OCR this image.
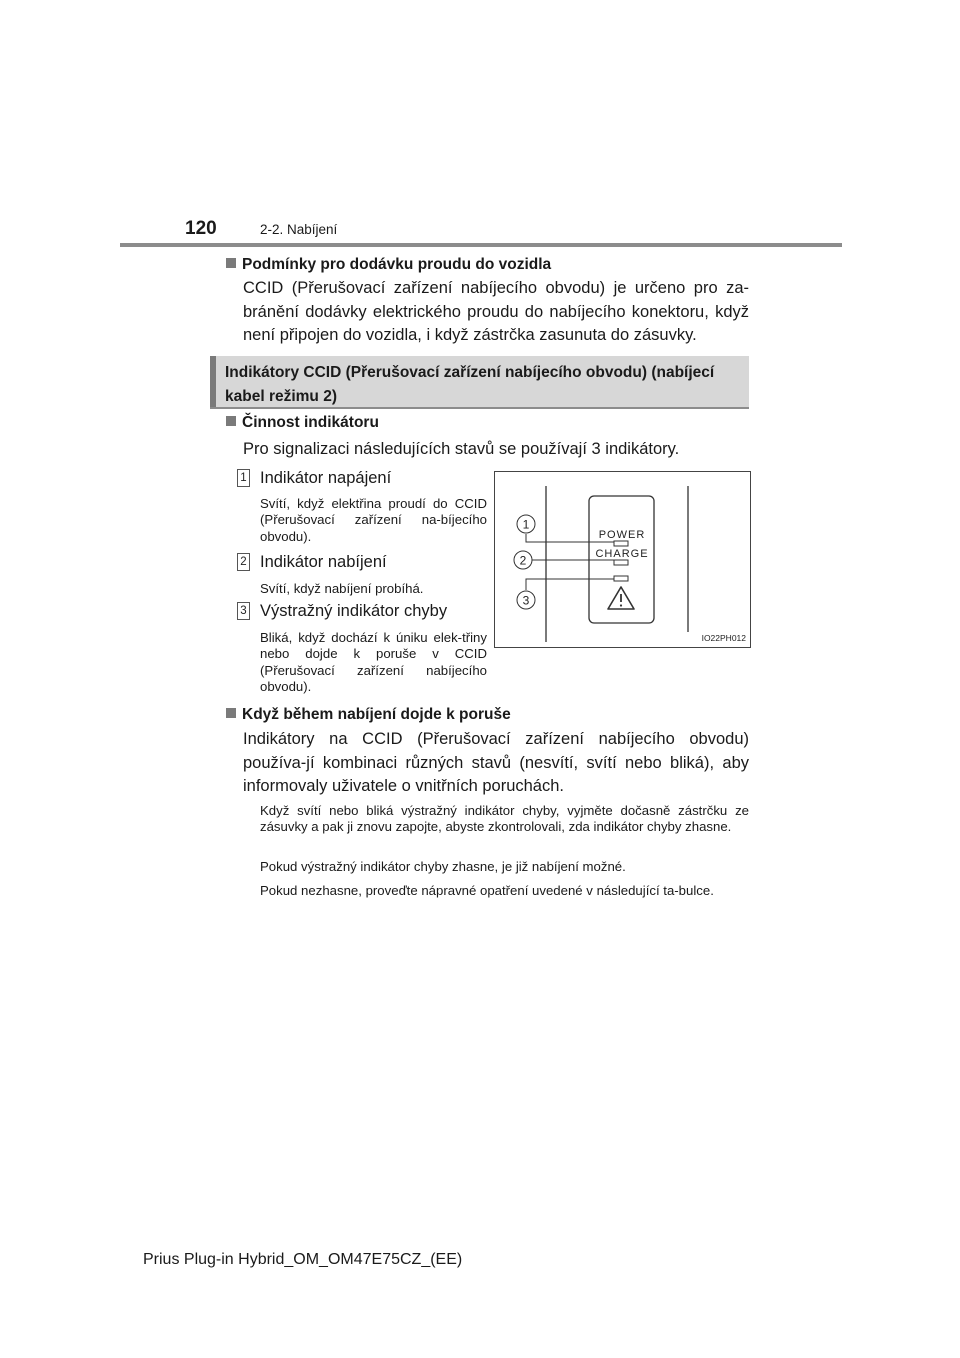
120	2-2. Nabíjení
Podmínky pro dodávku proudu do vozidla
CCID (Přerušovací zařízení nabíjecího obvodu) je určeno pro za-bránění dodávky elektrického proudu do nabíjecího konektoru, když není připojen do vozidla, i když zástrčka zasunuta do zásuvky.
Indikátory CCID (Přerušovací zařízení nabíjecího obvodu) (nabíjecí kabel režimu 2)
Činnost indikátoru
Pro signalizaci následujících stavů se používají 3 indikátory.
1 Indikátor napájení
Svítí, když elektřina proudí do CCID (Přerušovací zařízení na-bíjecího obvodu).
2 Indikátor nabíjení
Svítí, když nabíjení probíhá.
3 Výstražný indikátor chyby
Bliká, když dochází k úniku elek-třiny nebo dojde k poruše v CCID (Přerušovací zařízení nabíjecího obvodu).
POWER
CHARGE
1
2
3
IO22PH012
Když během nabíjení dojde k poruše
Indikátory na CCID (Přerušovací zařízení nabíjecího obvodu) používa-jí kombinaci různých stavů (nesvítí, svítí nebo bliká), aby informovaly uživatele o vnitřních poruchách.
Když svítí nebo bliká výstražný indikátor chyby, vyjměte dočasně zástrčku ze zásuvky a pak ji znovu zapojte, abyste zkontrolovali, zda indikátor chyby zhasne.
Pokud výstražný indikátor chyby zhasne, je již nabíjení možné.
Pokud nezhasne, proveďte nápravné opatření uvedené v následující ta-bulce.
Prius Plug-in Hybrid_OM_OM47E75CZ_(EE)
